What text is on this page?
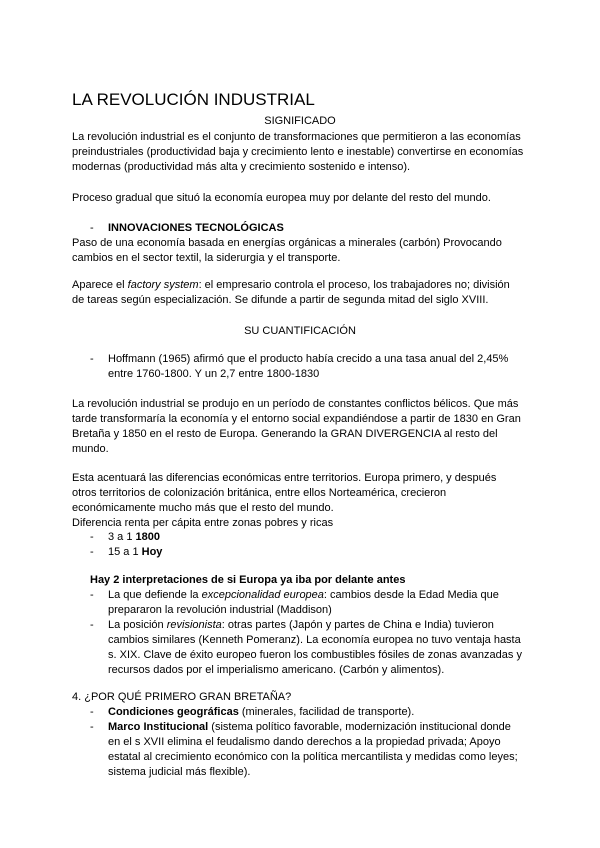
LA REVOLUCIÓN INDUSTRIAL
SIGNIFICADO
La revolución industrial es el conjunto de transformaciones que permitieron a las economías
preindustriales (productividad baja y crecimiento lento e inestable) convertirse en economías
modernas (productividad más alta y crecimiento sostenido e intenso).
Proceso gradual que situó la economía europea muy por delante del resto del mundo.
- INNOVACIONES TECNOLÓGICAS
Paso de una economía basada en energías orgánicas a minerales (carbón) Provocando
cambios en el sector textil, la siderurgia y el transporte.
Aparece el factory system: el empresario controla el proceso, los trabajadores no; división
de tareas según especialización. Se difunde a partir de segunda mitad del siglo XVIII.
SU CUANTIFICACIÓN
- Hoffmann (1965) afirmó que el producto había crecido a una tasa anual del 2,45%
entre 1760-1800. Y un 2,7 entre 1800-1830
La revolución industrial se produjo en un período de constantes conflictos bélicos. Que más
tarde transformaría la economía y el entorno social expandiéndose a partir de 1830 en Gran
Bretaña y 1850 en el resto de Europa. Generando la GRAN DIVERGENCIA al resto del
mundo.
Esta acentuará las diferencias económicas entre territorios. Europa primero, y después
otros territorios de colonización británica, entre ellos Norteamérica, crecieron
económicamente mucho más que el resto del mundo.
Diferencia renta per cápita entre zonas pobres y ricas
- 3 a 1 1800
- 15 a 1 Hoy
Hay 2 interpretaciones de si Europa ya iba por delante antes
- La que defiende la excepcionalidad europea: cambios desde la Edad Media que
prepararon la revolución industrial (Maddison)
- La posición revisionista: otras partes (Japón y partes de China e India) tuvieron
cambios similares (Kenneth Pomeranz). La economía europea no tuvo ventaja hasta
s. XIX. Clave de éxito europeo fueron los combustibles fósiles de zonas avanzadas y
recursos dados por el imperialismo americano. (Carbón y alimentos).
4. ¿POR QUÉ PRIMERO GRAN BRETAÑA?
- Condiciones geográficas (minerales, facilidad de transporte).
- Marco Institucional (sistema político favorable, modernización institucional donde
en el s XVII elimina el feudalismo dando derechos a la propiedad privada; Apoyo
estatal al crecimiento económico con la política mercantilista y medidas como leyes;
sistema judicial más flexible).
